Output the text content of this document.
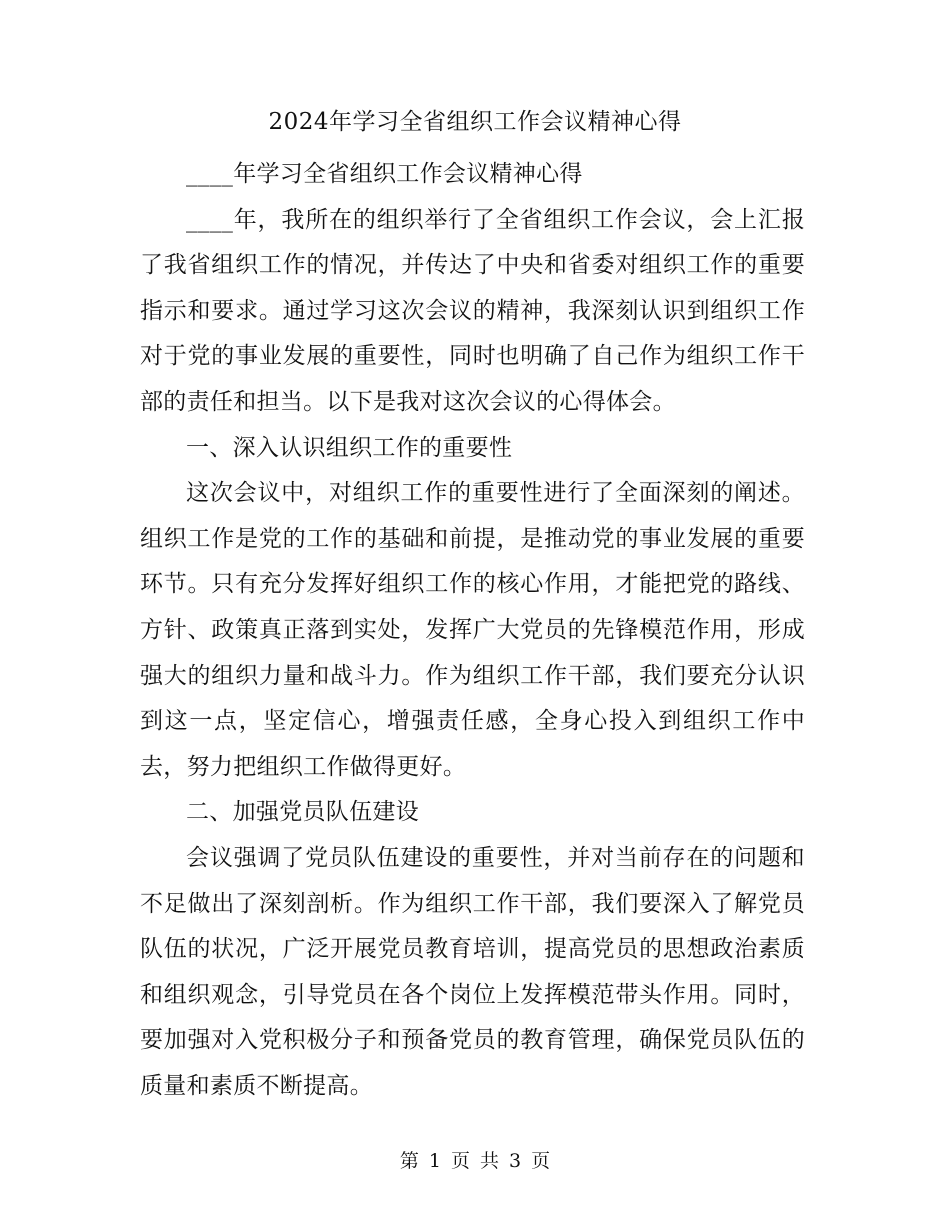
2024年学习全省组织工作会议精神心得

____年学习全省组织工作会议精神心得

____年，我所在的组织举行了全省组织工作会议，会上汇报了我省组织工作的情况，并传达了中央和省委对组织工作的重要指示和要求。通过学习这次会议的精神，我深刻认识到组织工作对于党的事业发展的重要性，同时也明确了自己作为组织工作干部的责任和担当。以下是我对这次会议的心得体会。

一、深入认识组织工作的重要性

这次会议中，对组织工作的重要性进行了全面深刻的阐述。组织工作是党的工作的基础和前提，是推动党的事业发展的重要环节。只有充分发挥好组织工作的核心作用，才能把党的路线、方针、政策真正落到实处，发挥广大党员的先锋模范作用，形成强大的组织力量和战斗力。作为组织工作干部，我们要充分认识到这一点，坚定信心，增强责任感，全身心投入到组织工作中去，努力把组织工作做得更好。

二、加强党员队伍建设

会议强调了党员队伍建设的重要性，并对当前存在的问题和不足做出了深刻剖析。作为组织工作干部，我们要深入了解党员队伍的状况，广泛开展党员教育培训，提高党员的思想政治素质和组织观念，引导党员在各个岗位上发挥模范带头作用。同时，要加强对入党积极分子和预备党员的教育管理，确保党员队伍的质量和素质不断提高。

第 1 页 共 3 页
